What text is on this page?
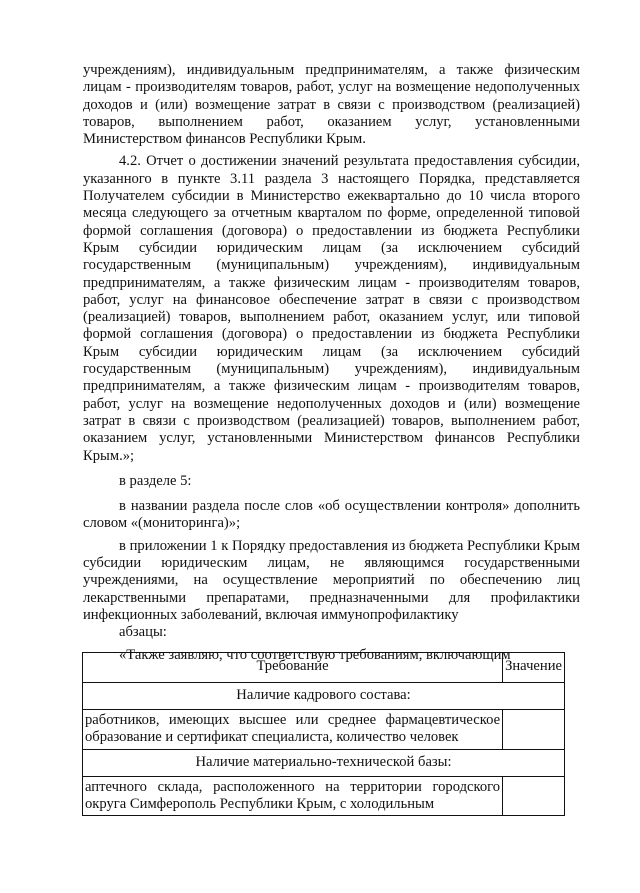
учреждениям), индивидуальным предпринимателям, а также физическим лицам - производителям товаров, работ, услуг на возмещение недополученных доходов и (или) возмещение затрат в связи с производством (реализацией) товаров, выполнением работ, оказанием услуг, установленными Министерством финансов Республики Крым.

4.2. Отчет о достижении значений результата предоставления субсидии, указанного в пункте 3.11 раздела 3 настоящего Порядка, представляется Получателем субсидии в Министерство ежеквартально до 10 числа второго месяца следующего за отчетным кварталом по форме, определенной типовой формой соглашения (договора) о предоставлении из бюджета Республики Крым субсидии юридическим лицам (за исключением субсидий государственным (муниципальным) учреждениям), индивидуальным предпринимателям, а также физическим лицам - производителям товаров, работ, услуг на финансовое обеспечение затрат в связи с производством (реализацией) товаров, выполнением работ, оказанием услуг, или типовой формой соглашения (договора) о предоставлении из бюджета Республики Крым субсидии юридическим лицам (за исключением субсидий государственным (муниципальным) учреждениям), индивидуальным предпринимателям, а также физическим лицам - производителям товаров, работ, услуг на возмещение недополученных доходов и (или) возмещение затрат в связи с производством (реализацией) товаров, выполнением работ, оказанием услуг, установленными Министерством финансов Республики Крым.»;

в разделе 5:

в названии раздела после слов «об осуществлении контроля» дополнить словом «(мониторинга)»;

в приложении 1 к Порядку предоставления из бюджета Республики Крым субсидии юридическим лицам, не являющимся государственными учреждениями, на осуществление мероприятий по обеспечению лиц лекарственными препаратами, предназначенными для профилактики инфекционных заболеваний, включая иммунопрофилактику

абзацы:

«Также заявляю, что соответствую требованиям, включающим

Требование	Значение
Наличие кадрового состава:	
работников, имеющих высшее или среднее фармацевтическое образование и сертификат специалиста, количество человек	
Наличие материально-технической базы:	
аптечного склада, расположенного на территории городского округа Симферополь Республики Крым, с холодильным	
